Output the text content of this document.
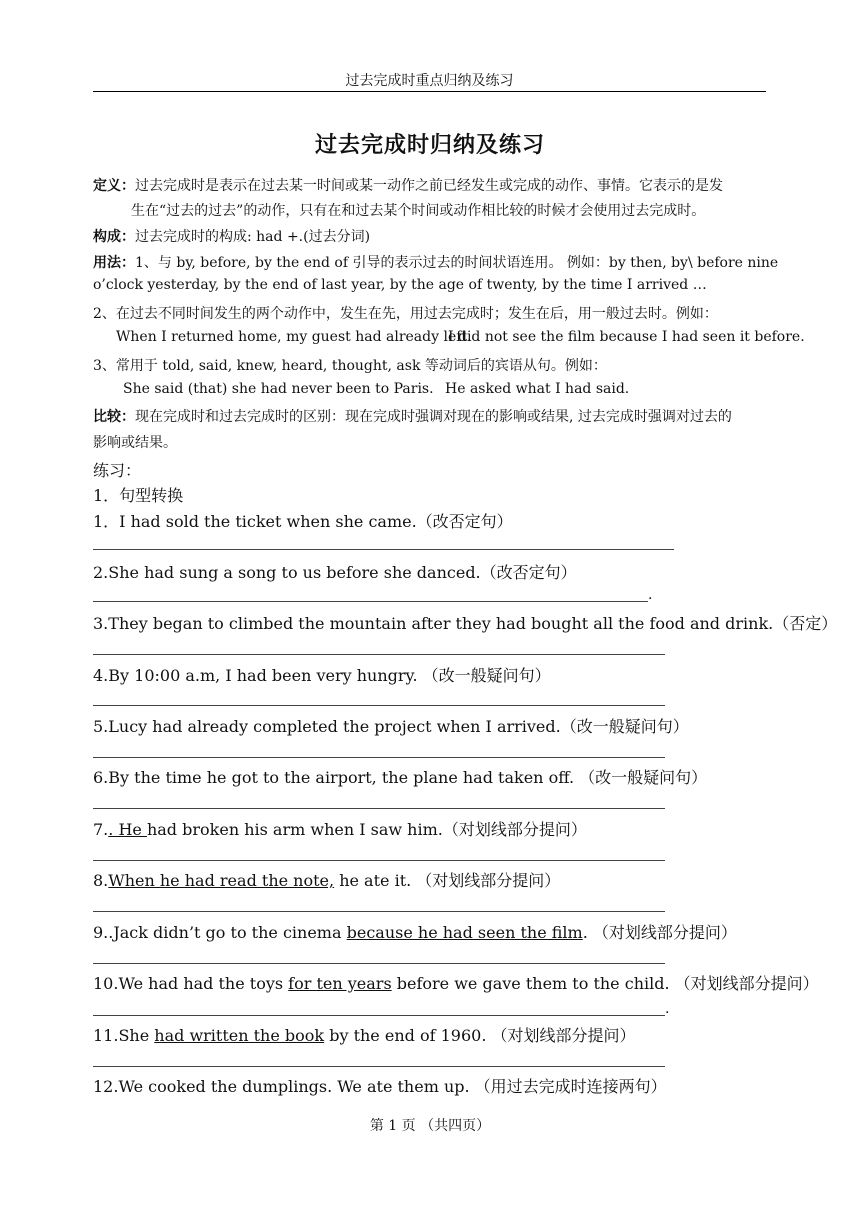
过去完成时重点归纳及练习
过去完成时归纳及练习
定义：过去完成时是表示在过去某一时间或某一动作之前已经发生或完成的动作、事情。它表示的是发
生在“过去的过去”的动作，只有在和过去某个时间或动作相比较的时候才会使用过去完成时。
构成：过去完成时的构成: had +.(过去分词)
用法：1、与 by, before, by the end of 引导的表示过去的时间状语连用。 例如：by then, by\ before nine
o’clock yesterday, by the end of last year, by the age of twenty, by the time I arrived …
2、在过去不同时间发生的两个动作中，发生在先，用过去完成时；发生在后，用一般过去时。例如：
When I returned home, my guest had already left.
I did not see the film because I had seen it before.
3、常用于 told, said, knew, heard, thought, ask 等动词后的宾语从句。例如：
She said (that) she had never been to Paris. He asked what I had said.
比较：现在完成时和过去完成时的区别：现在完成时强调对现在的影响或结果, 过去完成时强调对过去的
影响或结果。
练习：
1．句型转换
1．I had sold the ticket when she came.（改否定句）
2.She had sung a song to us before she danced.（改否定句）
.
3.They began to climbed the mountain after they had bought all the food and drink.（否定）
4.By 10:00 a.m, I had been very hungry. （改一般疑问句）
5.Lucy had already completed the project when I arrived.（改一般疑问句）
6.By the time he got to the airport, the plane had taken off. （改一般疑问句）
7.. He had broken his arm when I saw him.（对划线部分提问）
8.When he had read the note, he ate it. （对划线部分提问）
9..Jack didn’t go to the cinema because he had seen the film. （对划线部分提问）
10.We had had the toys for ten years before we gave them to the child. （对划线部分提问）
.
11.She had written the book by the end of 1960. （对划线部分提问）
12.We cooked the dumplings. We ate them up. （用过去完成时连接两句）
第 1 页 （共四页）
